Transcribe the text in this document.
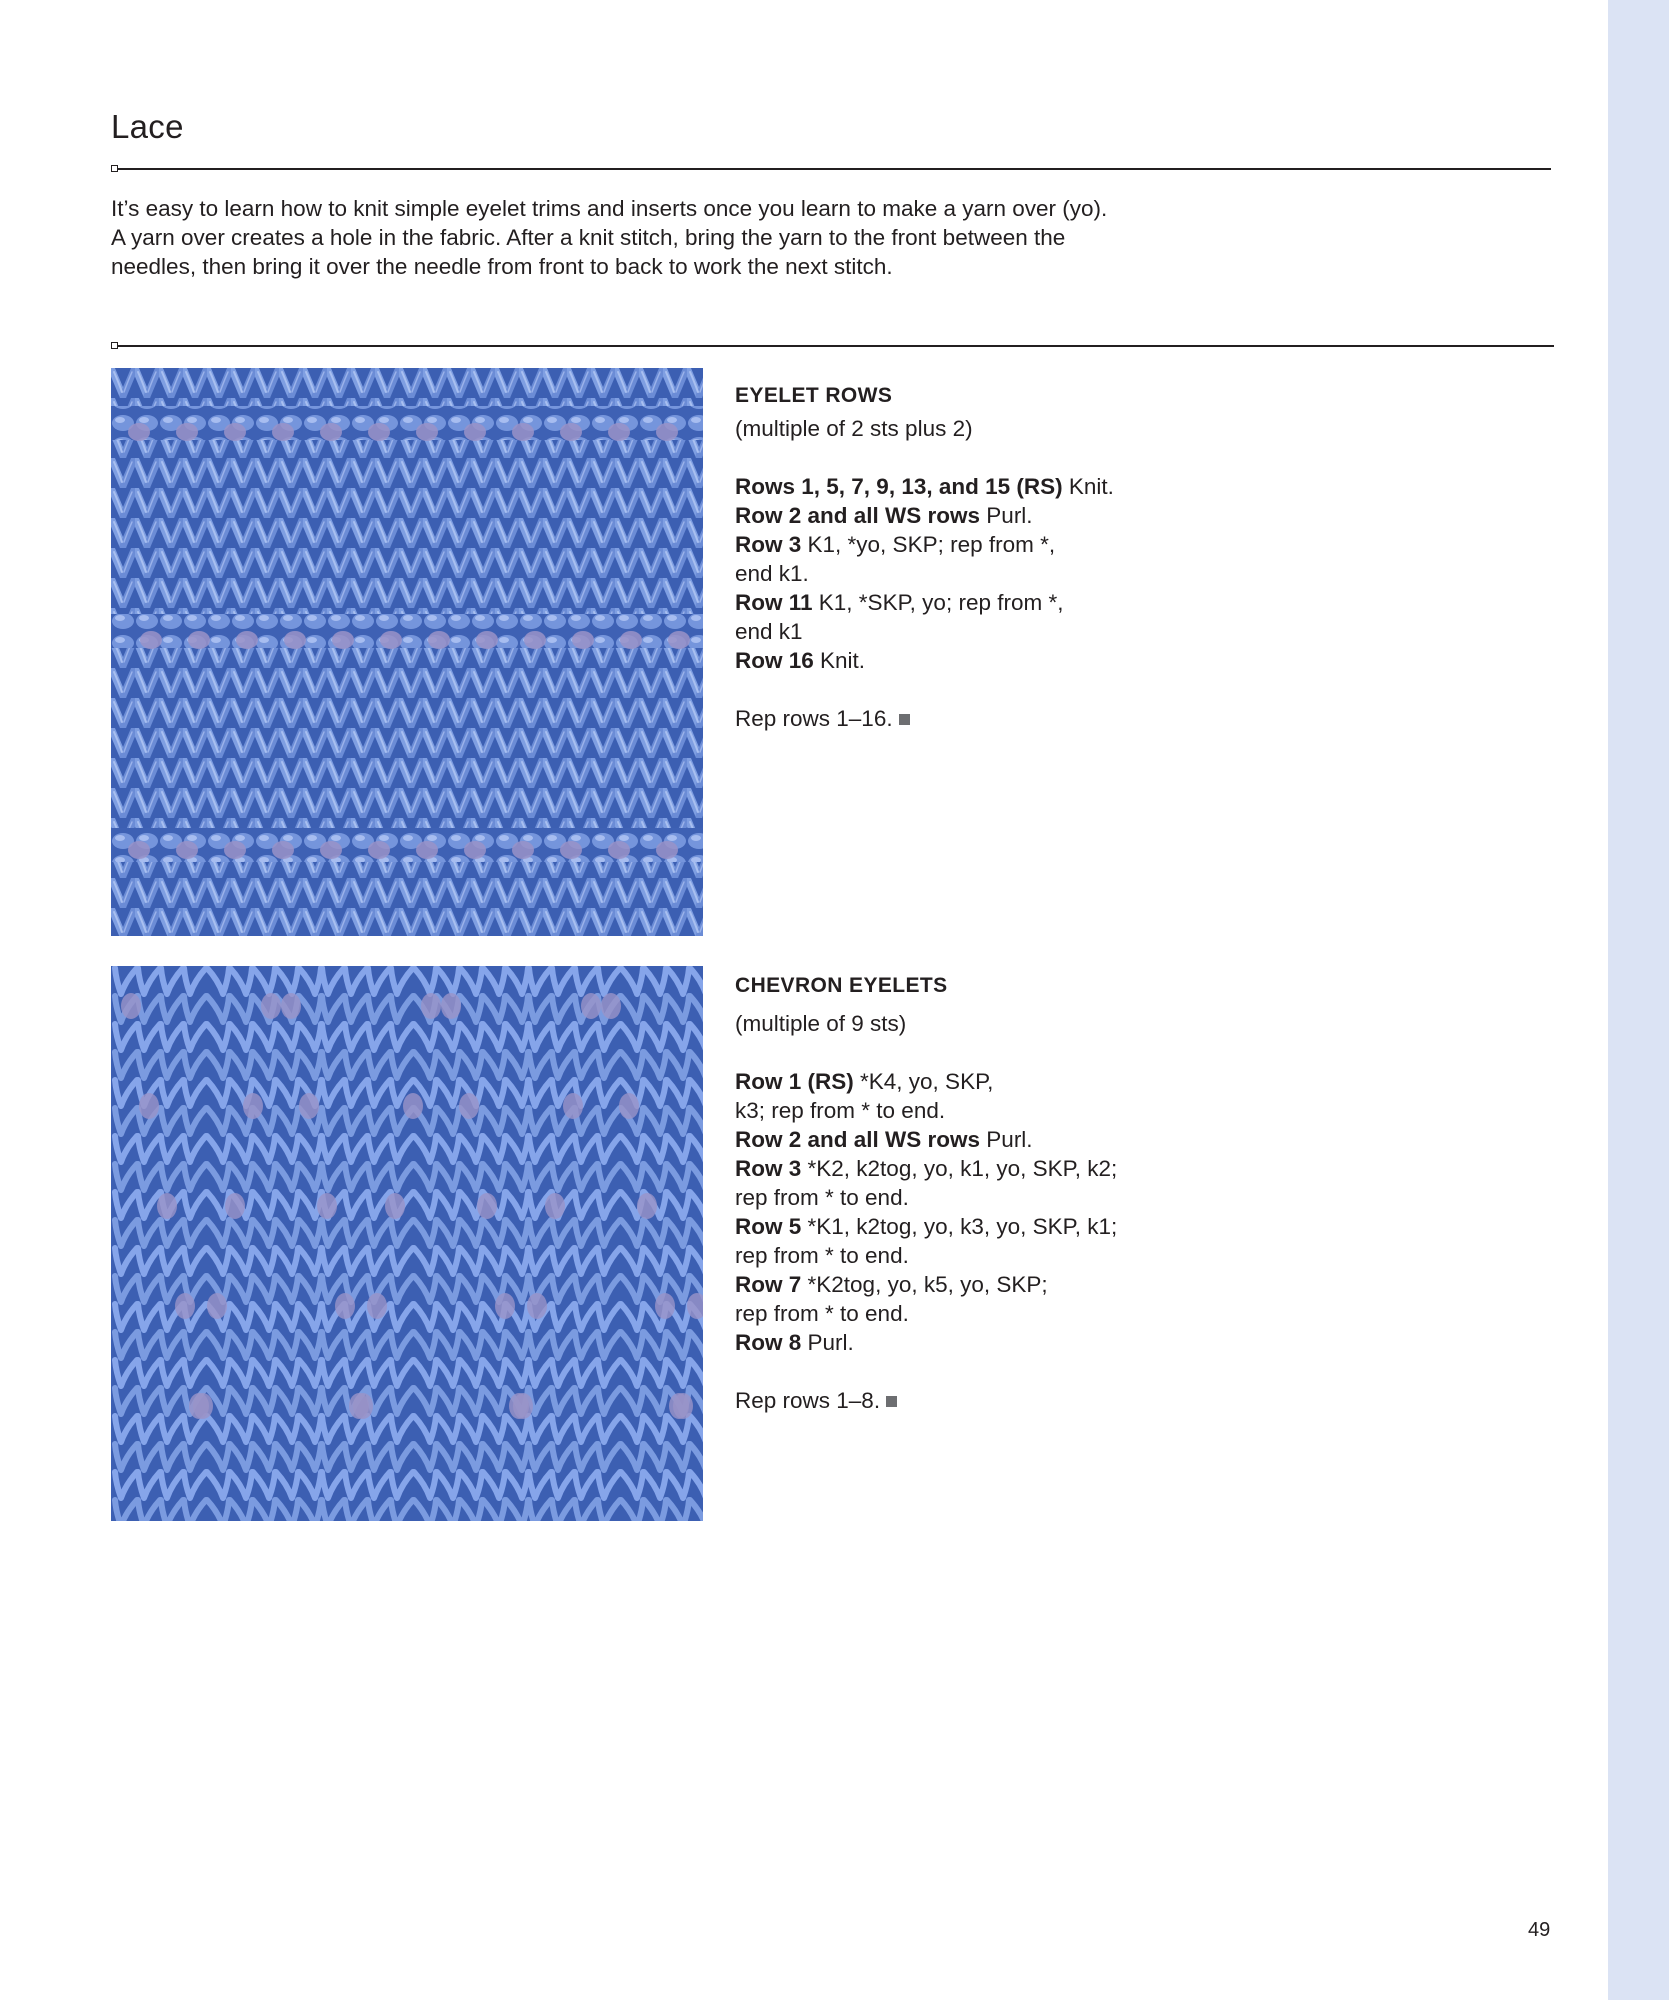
Lace

It’s easy to learn how to knit simple eyelet trims and inserts once you learn to make a yarn over (yo). A yarn over creates a hole in the fabric. After a knit stitch, bring the yarn to the front between the needles, then bring it over the needle from front to back to work the next stitch.

EYELET ROWS

(multiple of 2 sts plus 2)

Rows 1, 5, 7, 9, 13, and 15 (RS) Knit.
Row 2 and all WS rows Purl.
Row 3 K1, *yo, SKP; rep from *, end k1.
Row 11 K1, *SKP, yo; rep from *, end k1
Row 16 Knit.

Rep rows 1–16.

CHEVRON EYELETS

(multiple of 9 sts)

Row 1 (RS) *K4, yo, SKP, k3; rep from * to end.
Row 2 and all WS rows Purl.
Row 3 *K2, k2tog, yo, k1, yo, SKP, k2; rep from * to end.
Row 5 *K1, k2tog, yo, k3, yo, SKP, k1; rep from * to end.
Row 7 *K2tog, yo, k5, yo, SKP; rep from * to end.
Row 8 Purl.

Rep rows 1–8.

49
